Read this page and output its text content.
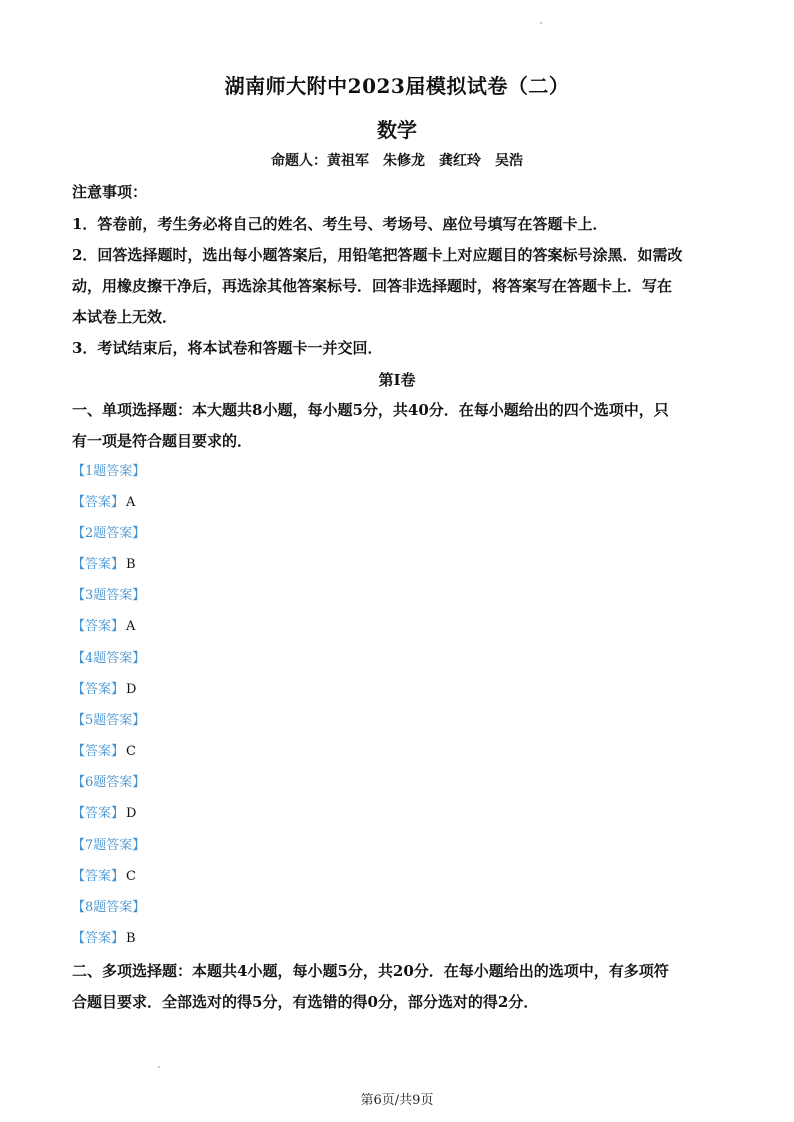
湖南师大附中2023届模拟试卷（二）
数学
命题人：黄祖军　朱修龙　龚红玲　吴浩
注意事项：
1．答卷前，考生务必将自己的姓名、考生号、考场号、座位号填写在答题卡上．
2．回答选择题时，选出每小题答案后，用铅笔把答题卡上对应题目的答案标号涂黑．如需改
动，用橡皮擦干净后，再选涂其他答案标号．回答非选择题时，将答案写在答题卡上．写在
本试卷上无效．
3．考试结束后，将本试卷和答题卡一并交回．
第Ⅰ卷
一、单项选择题：本大题共8小题，每小题5分，共40分．在每小题给出的四个选项中，只
有一项是符合题目要求的．
【1题答案】
【答案】 A
【2题答案】
【答案】 B
【3题答案】
【答案】 A
【4题答案】
【答案】 D
【5题答案】
【答案】 C
【6题答案】
【答案】 D
【7题答案】
【答案】 C
【8题答案】
【答案】 B
二、多项选择题：本题共4小题，每小题5分，共20分．在每小题给出的选项中，有多项符
合题目要求．全部选对的得5分，有选错的得0分，部分选对的得2分．
第6页/共9页
